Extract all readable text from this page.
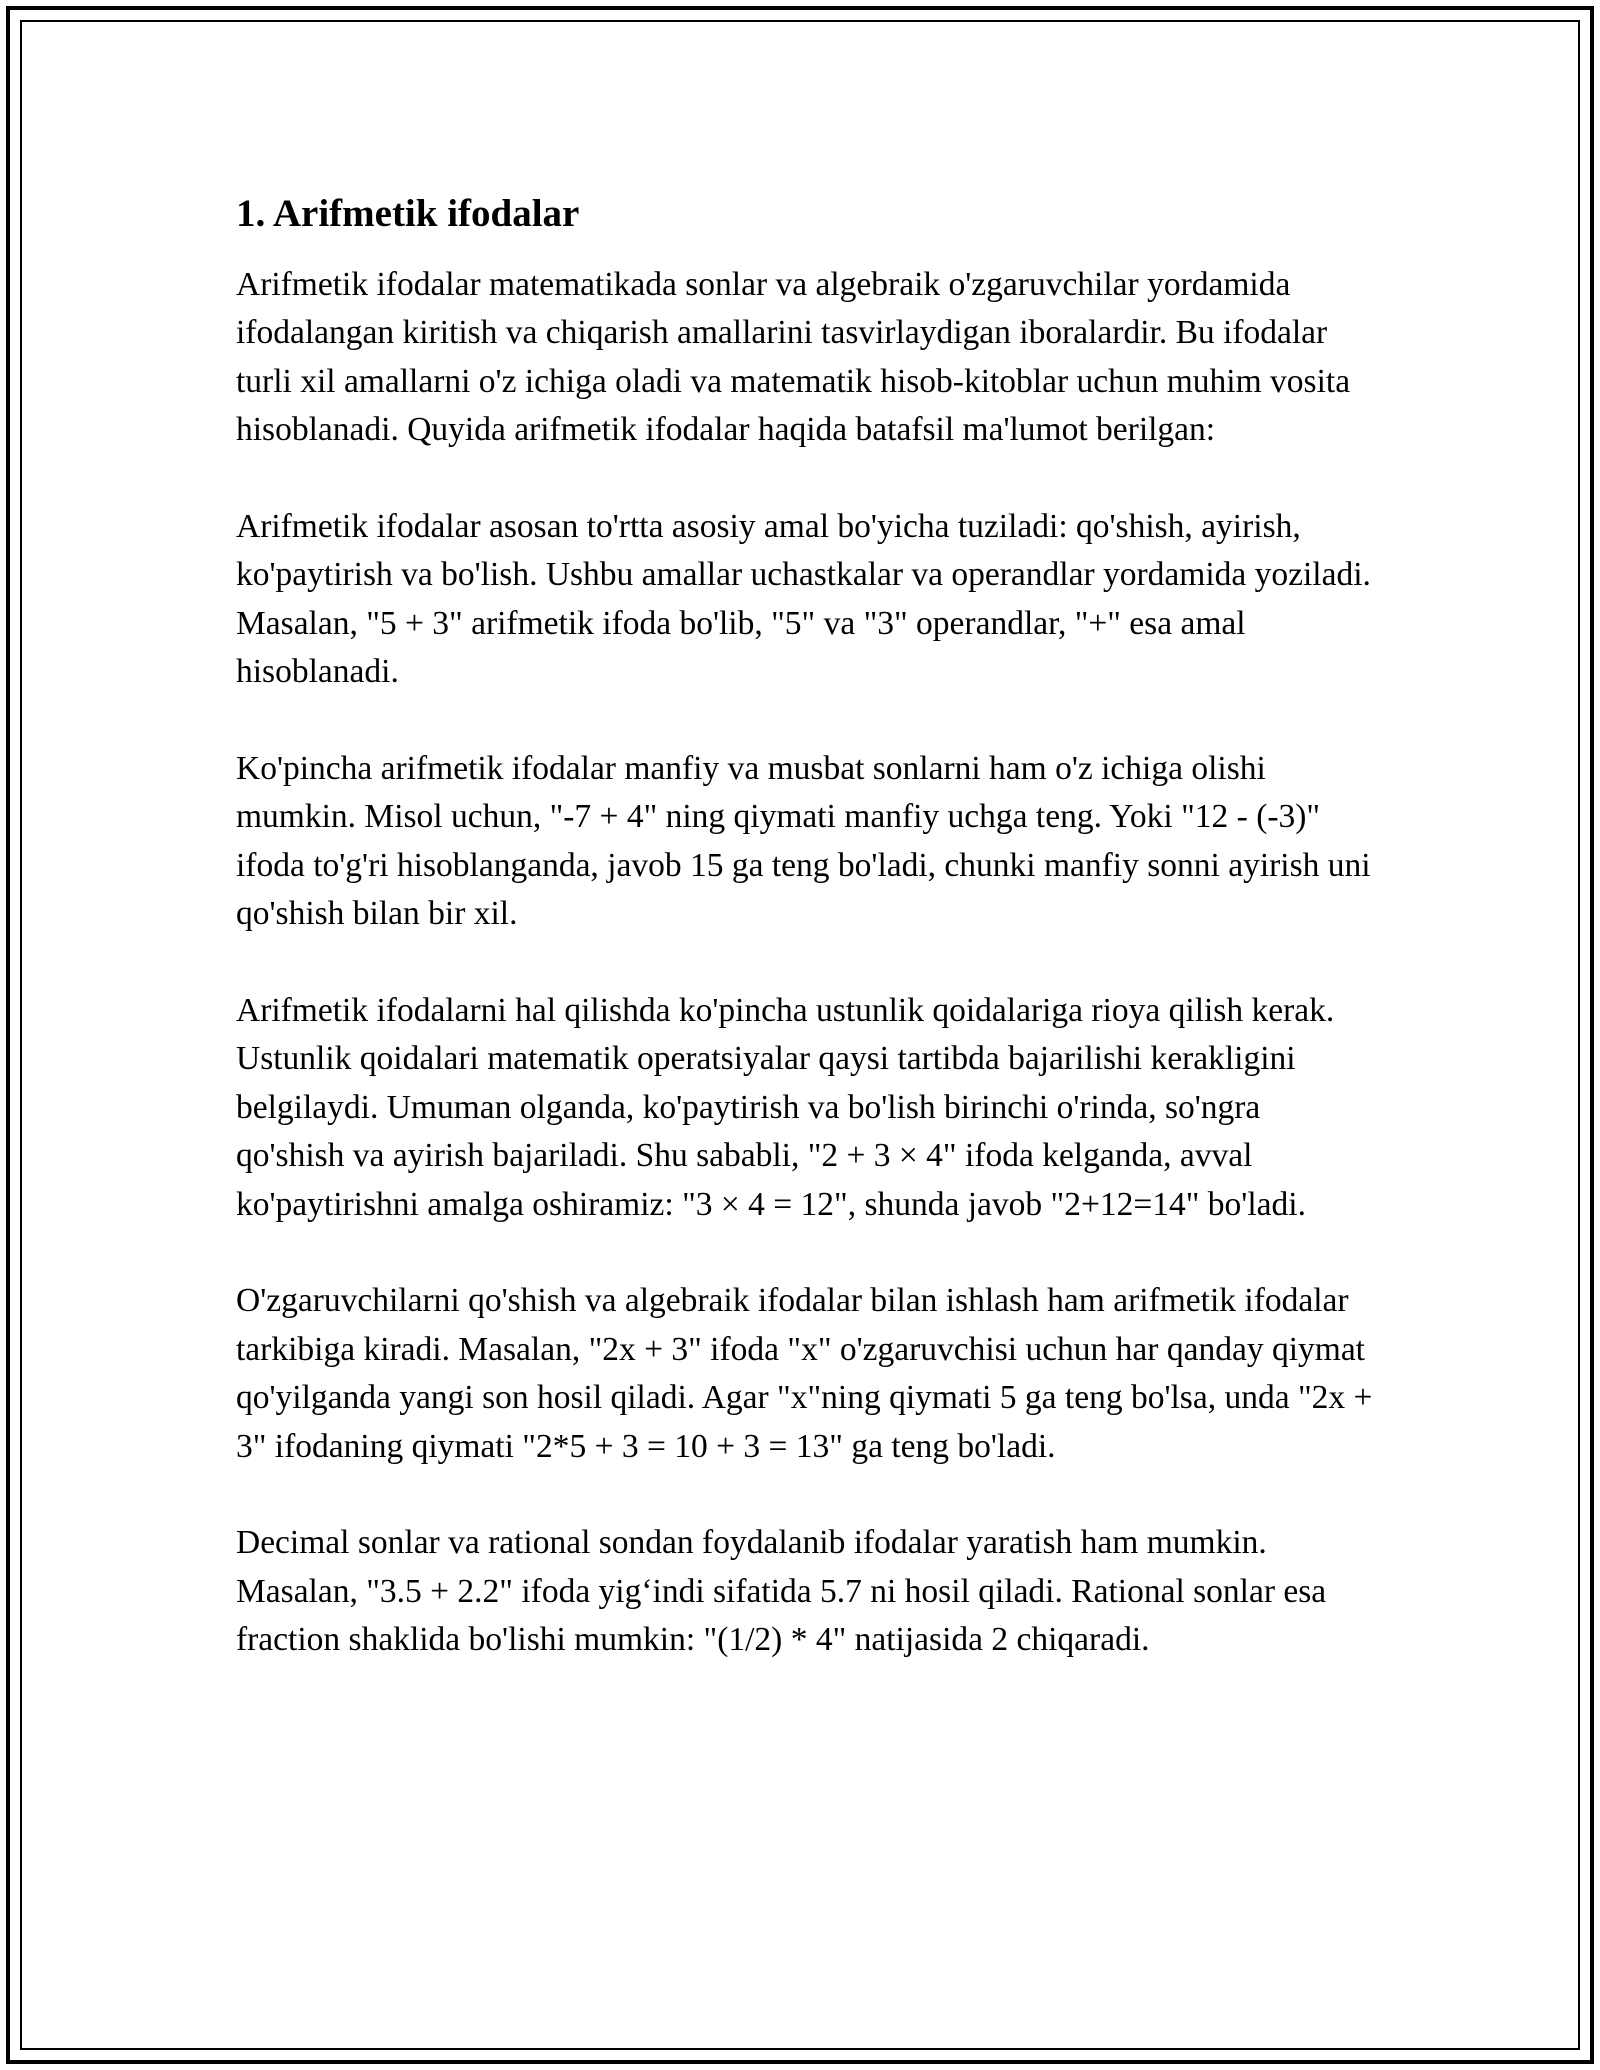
1. Arifmetik ifodalar

Arifmetik ifodalar matematikada sonlar va algebraik o'zgaruvchilar yordamida ifodalangan kiritish va chiqarish amallarini tasvirlaydigan iboralardir. Bu ifodalar turli xil amallarni o'z ichiga oladi va matematik hisob-kitoblar uchun muhim vosita hisoblanadi. Quyida arifmetik ifodalar haqida batafsil ma'lumot berilgan:

Arifmetik ifodalar asosan to'rtta asosiy amal bo'yicha tuziladi: qo'shish, ayirish, ko'paytirish va bo'lish. Ushbu amallar uchastkalar va operandlar yordamida yoziladi. Masalan, "5 + 3" arifmetik ifoda bo'lib, "5" va "3" operandlar, "+" esa amal hisoblanadi.

Ko'pincha arifmetik ifodalar manfiy va musbat sonlarni ham o'z ichiga olishi mumkin. Misol uchun, "-7 + 4" ning qiymati manfiy uchga teng. Yoki "12 - (-3)" ifoda to'g'ri hisoblanganda, javob 15 ga teng bo'ladi, chunki manfiy sonni ayirish uni qo'shish bilan bir xil.

Arifmetik ifodalarni hal qilishda ko'pincha ustunlik qoidalariga rioya qilish kerak. Ustunlik qoidalari matematik operatsiyalar qaysi tartibda bajarilishi kerakligini belgilaydi. Umuman olganda, ko'paytirish va bo'lish birinchi o'rinda, so'ngra qo'shish va ayirish bajariladi. Shu sababli, "2 + 3 × 4" ifoda kelganda, avval ko'paytirishni amalga oshiramiz: "3 × 4 = 12", shunda javob "2+12=14" bo'ladi.

O'zgaruvchilarni qo'shish va algebraik ifodalar bilan ishlash ham arifmetik ifodalar tarkibiga kiradi. Masalan, "2x + 3" ifoda "x" o'zgaruvchisi uchun har qanday qiymat qo'yilganda yangi son hosil qiladi. Agar "x"ning qiymati 5 ga teng bo'lsa, unda "2x + 3" ifodaning qiymati "2*5 + 3 = 10 + 3 = 13" ga teng bo'ladi.

Decimal sonlar va rational sondan foydalanib ifodalar yaratish ham mumkin. Masalan, "3.5 + 2.2" ifoda yig‘indi sifatida 5.7 ni hosil qiladi. Rational sonlar esa fraction shaklida bo'lishi mumkin: "(1/2) * 4" natijasida 2 chiqaradi.
